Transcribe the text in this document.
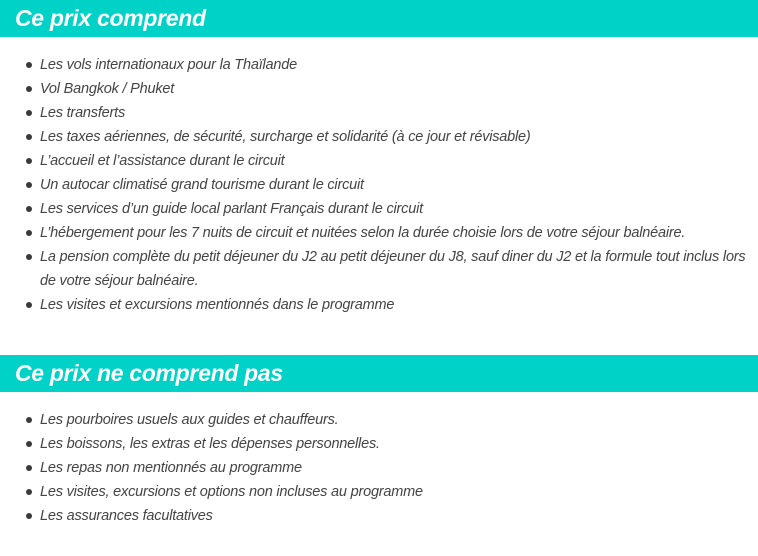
Ce prix comprend
Les vols internationaux pour la Thaïlande
Vol Bangkok / Phuket
Les transferts
Les taxes aériennes, de sécurité, surcharge et solidarité (à ce jour et révisable)
L’accueil et l’assistance durant le circuit
Un autocar climatisé grand tourisme durant le circuit
Les services d’un guide local parlant Français durant le circuit
L’hébergement pour les 7 nuits de circuit et nuitées selon la durée choisie lors de votre séjour balnéaire.
La pension complète du petit déjeuner du J2 au petit déjeuner du J8, sauf diner du J2 et la formule tout inclus lors de votre séjour balnéaire.
Les visites et excursions mentionnés dans le programme
Ce prix ne comprend pas
Les pourboires usuels aux guides et chauffeurs.
Les boissons, les extras et les dépenses personnelles.
Les repas non mentionnés au programme
Les visites, excursions et options non incluses au programme
Les assurances facultatives
